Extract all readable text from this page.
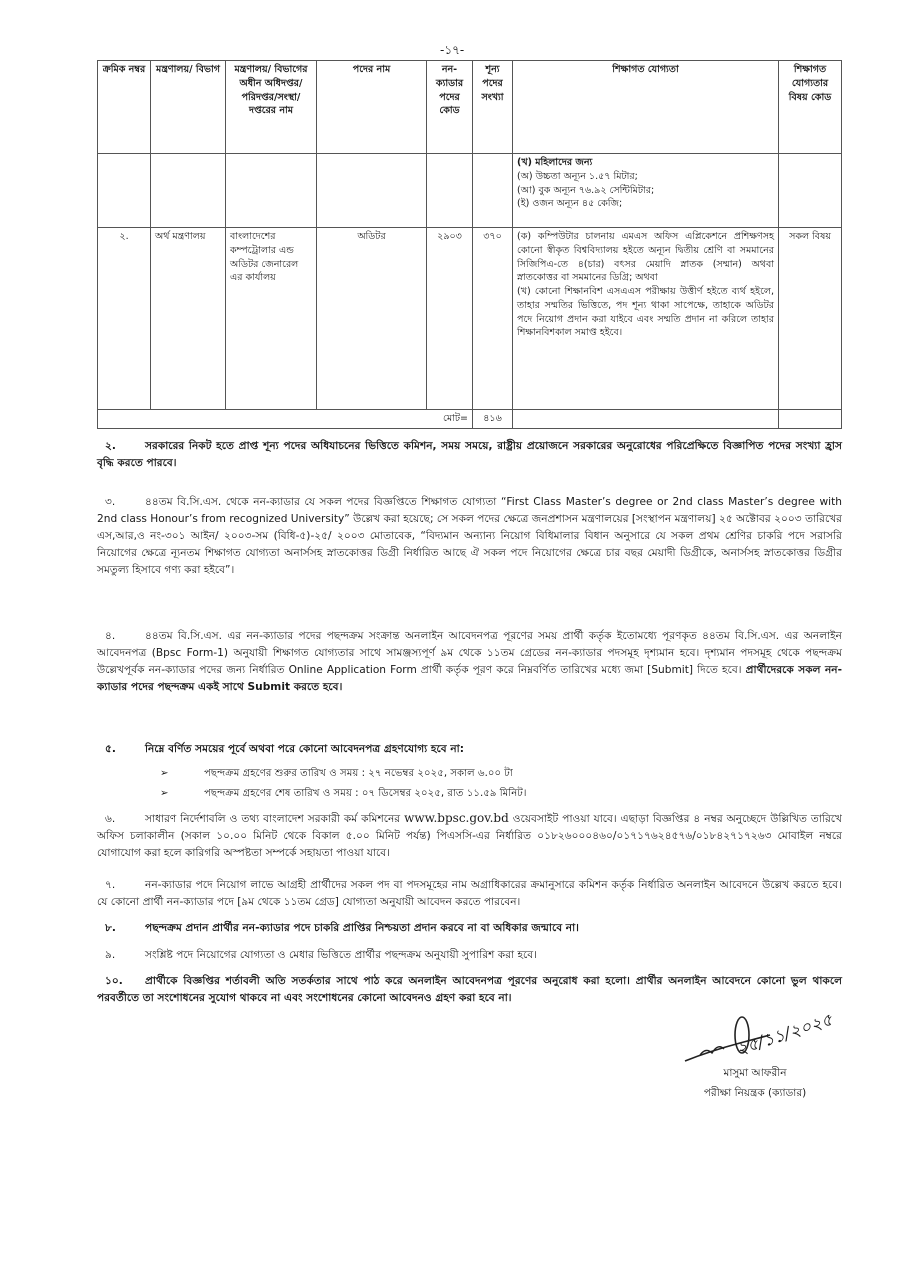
-১৭-
ক্রমিক নম্বর	মন্ত্রণালয়/ বিভাগ	মন্ত্রণালয়/ বিভাগের অধীন অধিদপ্তর/ পরিদপ্তর/সংস্থা/ দপ্তরের নাম	পদের নাম	নন-ক্যাডার পদের কোড	শূন্য পদের সংখ্যা	শিক্ষাগত যোগ্যতা	শিক্ষাগত যোগ্যতার বিষয় কোড

						(খ) মহিলাদের জন্য
(অ) উচ্চতা অন্যূন ১.৫৭ মিটার;
(আ) বুক অন্যূন ৭৬.৯২ সেন্টিমিটার;
(ই) ওজন অন্যূন ৪৫ কেজি;	

২.	অর্থ মন্ত্রণালয়	বাংলাদেশের কম্পট্রোলার এন্ড অডিটর জেনারেল এর কার্যালয়	অডিটর	২৯০৩	৩৭০	(ক) কম্পিউটার চালনায় এমএস অফিস এপ্লিকেশনে প্রশিক্ষণসহ কোনো স্বীকৃত বিশ্ববিদ্যালয় হইতে অন্যূন দ্বিতীয় শ্রেণি বা সমমানের সিজিপিএ-তে ৪(চার) বৎসর মেয়াদি স্নাতক (সম্মান) অথবা স্নাতকোত্তর বা সমমানের ডিগ্রি; অথবা
(খ) কোনো শিক্ষানবিশ এসএএস পরীক্ষায় উত্তীর্ণ হইতে ব্যর্থ হইলে, তাহার সম্মতির ভিত্তিতে, পদ শূন্য থাকা সাপেক্ষে, তাহাকে অডিটর পদে নিয়োগ প্রদান করা যাইবে এবং সম্মতি প্রদান না করিলে তাহার শিক্ষানবিশকাল সমাপ্ত হইবে।	সকল বিষয়
মোট=					৪১৬		
২.	সরকারের নিকট হতে প্রাপ্ত শূন্য পদের অধিযাচনের ভিত্তিতে কমিশন, সময় সময়ে, রাষ্ট্রীয় প্রয়োজনে সরকারের অনুরোধের পরিপ্রেক্ষিতে বিজ্ঞাপিত পদের সংখ্যা হ্রাস বৃদ্ধি করতে পারবে।
৩.	৪৪তম বি.সি.এস. থেকে নন-ক্যাডার যে সকল পদের বিজ্ঞপ্তিতে শিক্ষাগত যোগ্যতা “First Class Master’s degree or 2nd class Master’s degree with 2nd class Honour’s from recognized University” উল্লেখ করা হয়েছে; সে সকল পদের ক্ষেত্রে জনপ্রশাসন মন্ত্রণালয়ের [সংস্থাপন মন্ত্রণালয়] ২৫ অক্টোবর ২০০৩ তারিখের এস,আর,ও নং-৩০১ আইন/ ২০০৩-সম (বিধি-৫)-২৫/ ২০০৩ মোতাবেক, “বিদ্যমান অন্যান্য নিয়োগ বিধিমালার বিধান অনুসারে যে সকল প্রথম শ্রেণির চাকরি পদে সরাসরি নিয়োগের ক্ষেত্রে ন্যূনতম শিক্ষাগত যোগ্যতা অনার্সসহ স্নাতকোত্তর ডিগ্রী নির্ধারিত আছে ঐ সকল পদে নিয়োগের ক্ষেত্রে চার বছর মেয়াদী ডিগ্রীকে, অনার্সসহ স্নাতকোত্তর ডিগ্রীর সমতুল্য হিসাবে গণ্য করা হইবে”।
৪.	৪৪তম বি.সি.এস. এর নন-ক্যাডার পদের পছন্দক্রম সংক্রান্ত অনলাইন আবেদনপত্র পূরণের সময় প্রার্থী কর্তৃক ইতোমধ্যে পূরণকৃত ৪৪তম বি.সি.এস. এর অনলাইন আবেদনপত্র (Bpsc Form-1) অনুযায়ী শিক্ষাগত যোগ্যতার সাথে সামঞ্জস্যপূর্ণ ৯ম থেকে ১১তম গ্রেডের নন-ক্যাডার পদসমূহ দৃশ্যমান হবে। দৃশ্যমান পদসমূহ থেকে পছন্দক্রম উল্লেখপূর্বক নন-ক্যাডার পদের জন্য নির্ধারিত Online Application Form প্রার্থী কর্তৃক পূরণ করে নিম্নবর্ণিত তারিখের মধ্যে জমা [Submit] দিতে হবে। প্রার্থীদেরকে সকল নন-ক্যাডার পদের পছন্দক্রম একই সাথে Submit করতে হবে।
৫.	নিম্নে বর্ণিত সময়ের পূর্বে অথবা পরে কোনো আবেদনপত্র গ্রহণযোগ্য হবে না:
➢	পছন্দক্রম গ্রহণের শুরুর তারিখ ও সময় : ২৭ নভেম্বর ২০২৫, সকাল ৬.০০ টা
➢	পছন্দক্রম গ্রহণের শেষ তারিখ ও সময় : ০৭ ডিসেম্বর ২০২৫, রাত ১১.৫৯ মিনিট।
৬.	সাধারণ নির্দেশাবলি ও তথ্য বাংলাদেশ সরকারী কর্ম কমিশনের www.bpsc.gov.bd ওয়েবসাইট পাওয়া যাবে। এছাড়া বিজ্ঞপ্তির ৪ নম্বর অনুচ্ছেদে উল্লিখিত তারিখে অফিস চলাকালীন (সকাল ১০.০০ মিনিট থেকে বিকাল ৫.০০ মিনিট পর্যন্ত) পিএসসি-এর নির্ধারিত ০১৮২৬০০০৪৬০/০১৭১৭৬২৪৫৭৬/০১৮৪২৭১৭২৬৩ মোবাইল নম্বরে যোগাযোগ করা হলে কারিগরি অস্পষ্টতা সম্পর্কে সহায়তা পাওয়া যাবে।
৭.	নন-ক্যাডার পদে নিয়োগ লাভে আগ্রহী প্রার্থীদের সকল পদ বা পদসমূহের নাম অগ্রাধিকারের ক্রমানুসারে কমিশন কর্তৃক নির্ধারিত অনলাইন আবেদনে উল্লেখ করতে হবে। যে কোনো প্রার্থী নন-ক্যাডার পদে [৯ম থেকে ১১তম গ্রেড] যোগ্যতা অনুযায়ী আবেদন করতে পারবেন।
৮.	পছন্দক্রম প্রদান প্রার্থীর নন-ক্যাডার পদে চাকরি প্রাপ্তির নিশ্চয়তা প্রদান করবে না বা অধিকার জন্মাবে না।
৯.	সংশ্লিষ্ট পদে নিয়োগের যোগ্যতা ও মেধার ভিত্তিতে প্রার্থীর পছন্দক্রম অনুযায়ী সুপারিশ করা হবে।
১০. প্রার্থীকে বিজ্ঞপ্তির শর্তাবলী অতি সতর্কতার সাথে পাঠ করে অনলাইন আবেদনপত্র পূরণের অনুরোধ করা হলো। প্রার্থীর অনলাইন আবেদনে কোনো ভুল থাকলে পরবর্তীতে তা সংশোধনের সুযোগ থাকবে না এবং সংশোধনের কোনো আবেদনও গ্রহণ করা হবে না।
২৫/১১/২০২৫
মাসুমা আফরীন
পরীক্ষা নিয়ন্ত্রক (ক্যাডার)
